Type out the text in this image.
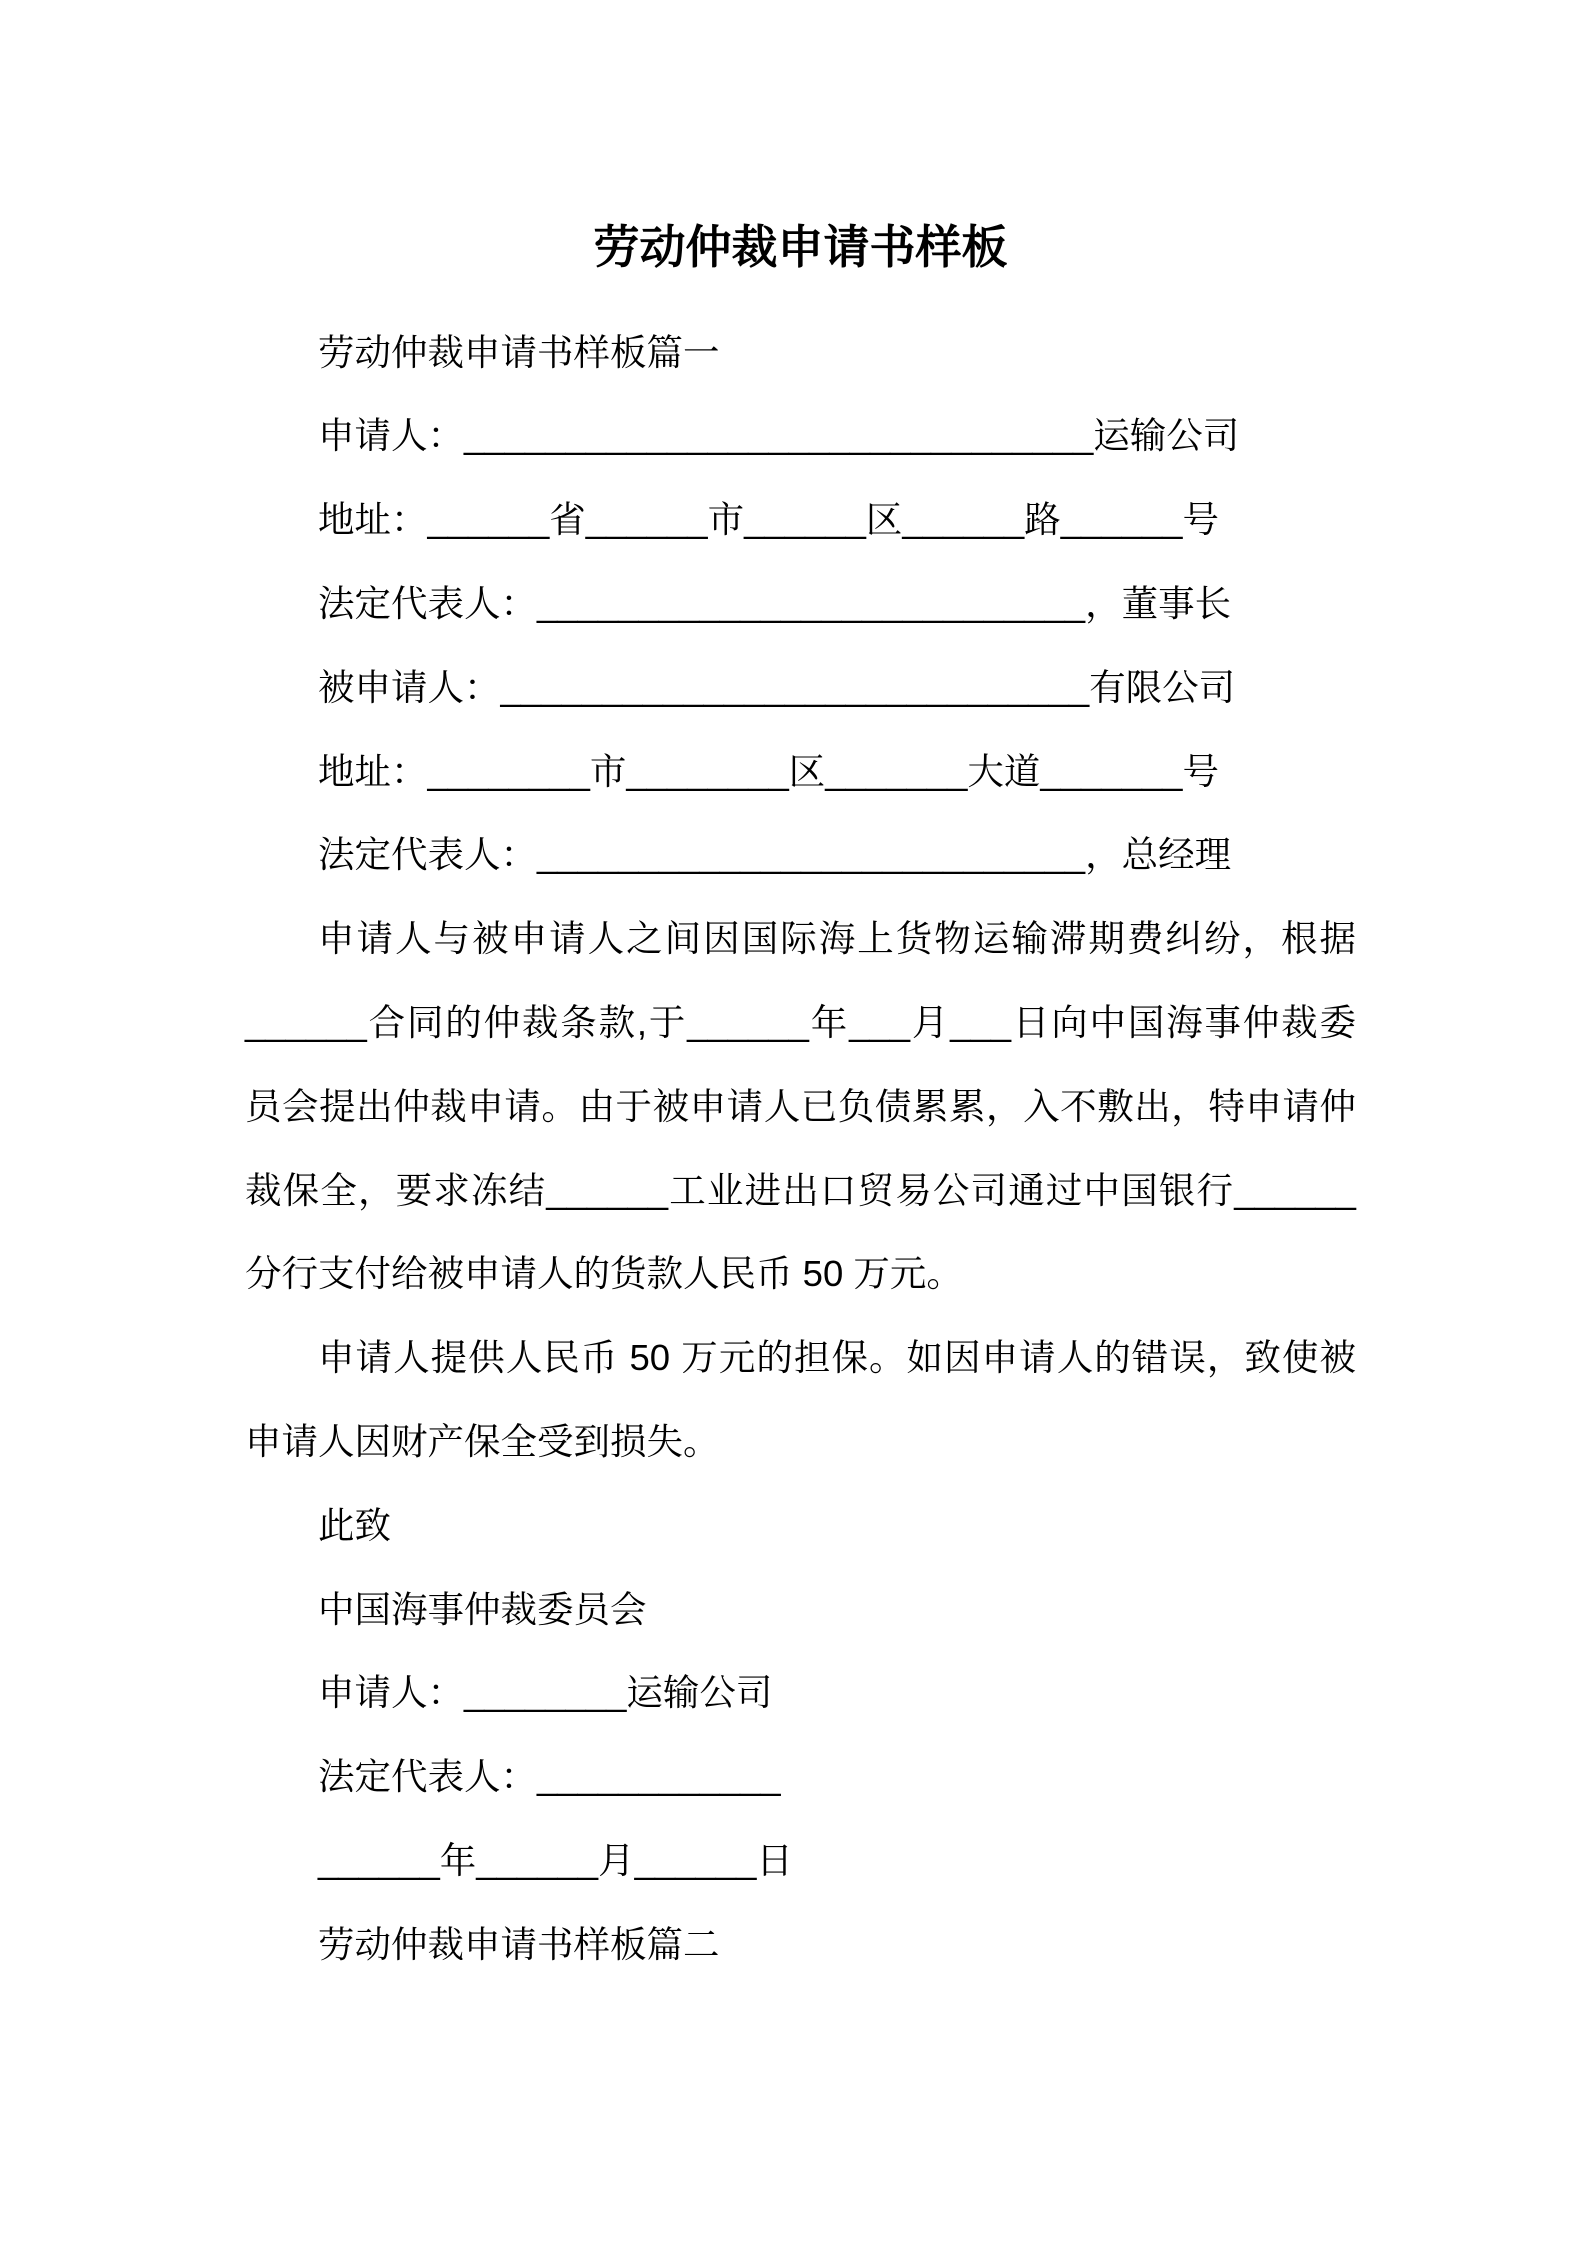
劳动仲裁申请书样板

劳动仲裁申请书样板篇一

申请人：_______________________________运输公司

地址：______省______市______区______路______号

法定代表人：___________________________，董事长

被申请人：_____________________________有限公司

地址：________市________区_______大道_______号

法定代表人：___________________________，总经理

申请人与被申请人之间因国际海上货物运输滞期费纠纷，根据

______合同的仲裁条款,于______年___月___日向中国海事仲裁委

员会提出仲裁申请。由于被申请人已负债累累，入不敷出，特申请仲

裁保全，要求冻结______工业进出口贸易公司通过中国银行______

分行支付给被申请人的货款人民币 50 万元。

申请人提供人民币 50 万元的担保。如因申请人的错误，致使被

申请人因财产保全受到损失。

此致

中国海事仲裁委员会

申请人：________运输公司

法定代表人：____________

______年______月______日

劳动仲裁申请书样板篇二
